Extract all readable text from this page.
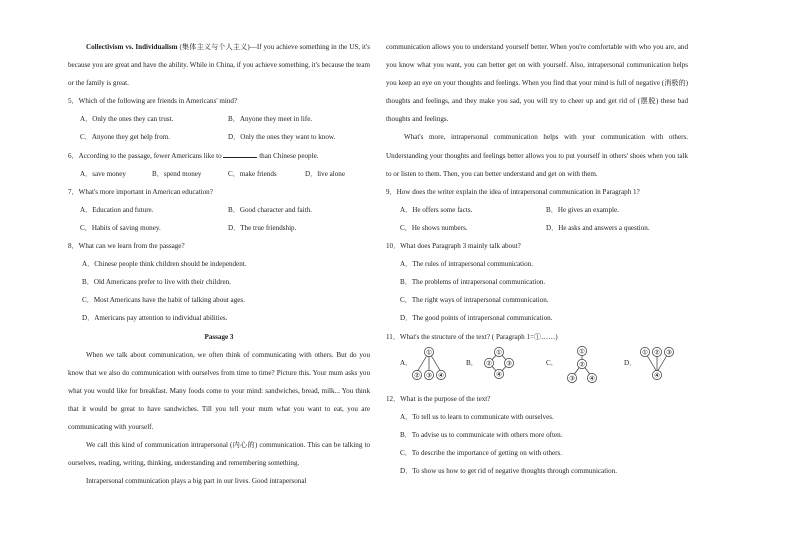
Collectivism vs. Individualism (集体主义与个人主义)—If you achieve something in the US, it's because you are great and have the ability. While in China, if you achieve something, it's because the team or the family is great.

5．Which of the following are friends in Americans' mind?
A．Only the ones they can trust.	B．Anyone they meet in life.
C．Anyone they get help from.	D．Only the ones they want to know.
6．According to the passage, fewer Americans like to	than Chinese people.
A．save money	B．spend money	C．make friends	D．live alone
7．What's more important in American education?
A．Education and future.	B．Good character and faith.
C．Habits of saving money.	D．The true friendship.
8．What can we learn from the passage?
A．Chinese people think children should be independent.
B．Old Americans prefer to live with their children.
C．Most Americans have the habit of talking about ages.
D．Americans pay attention to individual abilities.
Passage 3

When we talk about communication, we often think of communicating with others. But do you know that we also do communication with ourselves from time to time? Picture this. Your mum asks you what you would like for breakfast. Many foods come to your mind: sandwiches, bread, milk... You think that it would be great to have sandwiches. Till you tell your mum what you want to eat, you are communicating with yourself.

We call this kind of communication intrapersonal (内心的) communication. This can be talking to ourselves, reading, writing, thinking, understanding and remembering something.

Intrapersonal communication plays a big part in our lives. Good intrapersonal

communication allows you to understand yourself better. When you're comfortable with who you are, and you know what you want, you can better get on with yourself. Also, intrapersonal communication helps you keep an eye on your thoughts and feelings. When you find that your mind is full of negative (消极的) thoughts and feelings, and they make you sad, you will try to cheer up and get rid of (摆脱) these bad thoughts and feelings.

What's more, intrapersonal communication helps with your communication with others. Understanding your thoughts and feelings better allows you to put yourself in others' shoes when you talk to or listen to them. Then, you can better understand and get on with them.

9．How does the writer explain the idea of intrapersonal communication in Paragraph 1?
A．He offers some facts.	B．He gives an example.
C．He shows numbers.	D．He asks and answers a question.
10．What does Paragraph 3 mainly talk about?
A．The rules of intrapersonal communication.
B．The problems of intrapersonal communication.
C．The right ways of intrapersonal communication.
D．The good points of intrapersonal communication.
11．What's the structure of the text? ( Paragraph 1=①……)
A．
①
② ③ ④
B．
①
② ③
④
C．
①
②
③ ④
D．
① ② ③
④
12．What is the purpose of the text?
A．To tell us to learn to communicate with ourselves.
B．To advise us to communicate with others more often.
C．To describe the importance of getting on with others.
D．To show us how to get rid of negative thoughts through communication.
